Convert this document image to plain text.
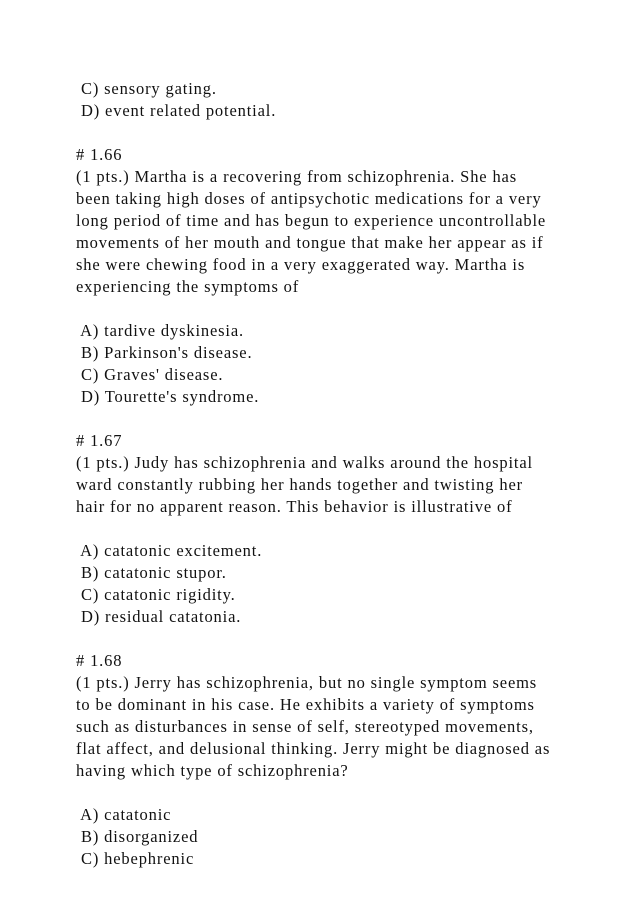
C) sensory gating.
D) event related potential.
# 1.66
(1 pts.) Martha is a recovering from schizophrenia. She has
been taking high doses of antipsychotic medications for a very
long period of time and has begun to experience uncontrollable
movements of her mouth and tongue that make her appear as if
she were chewing food in a very exaggerated way. Martha is
experiencing the symptoms of
A) tardive dyskinesia.
B) Parkinson's disease.
C) Graves' disease.
D) Tourette's syndrome.
# 1.67
(1 pts.) Judy has schizophrenia and walks around the hospital
ward constantly rubbing her hands together and twisting her
hair for no apparent reason. This behavior is illustrative of
A) catatonic excitement.
B) catatonic stupor.
C) catatonic rigidity.
D) residual catatonia.
# 1.68
(1 pts.) Jerry has schizophrenia, but no single symptom seems
to be dominant in his case. He exhibits a variety of symptoms
such as disturbances in sense of self, stereotyped movements,
flat affect, and delusional thinking. Jerry might be diagnosed as
having which type of schizophrenia?
A) catatonic
B) disorganized
C) hebephrenic
